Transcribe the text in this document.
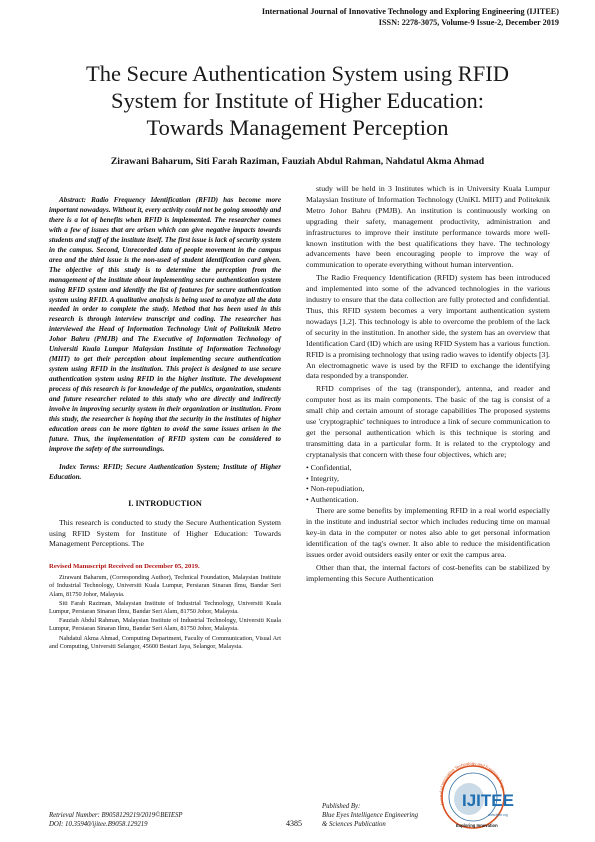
International Journal of Innovative Technology and Exploring Engineering (IJITEE)
ISSN: 2278-3075, Volume-9 Issue-2, December 2019
The Secure Authentication System using RFID
System for Institute of Higher Education:
Towards Management Perception
Zirawani Baharum, Siti Farah Raziman, Fauziah Abdul Rahman, Nahdatul Akma Ahmad

Abstract: Radio Frequency Identification (RFID) has become more important nowadays. Without it, every activity could not be going smoothly and there is a lot of benefits when RFID is implemented. The researcher comes with a few of issues that are arisen which can give negative impacts towards students and staff of the institute itself. The first issue is lack of security system in the campus. Second, Unrecorded data of people movement in the campus area and the third issue is the non-used of student identification card given. The objective of this study is to determine the perception from the management of the institute about implementing secure authentication system using RFID system and identify the list of features for secure authentication system using RFID. A qualitative analysis is being used to analyze all the data needed in order to complete the study. Method that has been used in this research is through interview transcript and coding. The researcher has interviewed the Head of Information Technology Unit of Politeknik Metro Johor Bahru (PMJB) and The Executive of Information Technology of Universiti Kuala Lumpur Malaysian Institute of Information Technology (MIIT) to get their perception about implementing secure authentication system using RFID in the institution. This project is designed to use secure authentication system using RFID in the higher institute. The development process of this research is for knowledge of the publics, organization, students and future researcher related to this study who are directly and indirectly involve in improving security system in their organization or institution. From this study, the researcher is hoping that the security in the institutes of higher education areas can be more tighten to avoid the same issues arisen in the future. Thus, the implementation of RFID system can be considered to improve the safety of the surroundings.

Index Terms: RFID; Secure Authentication System; Institute of Higher Education.

I. INTRODUCTION

This research is conducted to study the Secure Authentication System using RFID System for Institute of Higher Education: Towards Management Perceptions. The

Revised Manuscript Received on December 05, 2019.

Zirawani Baharum, (Corresponding Author), Technical Foundation, Malaysian Institute of Industrial Technology, Universiti Kuala Lumpur, Persiaran Sinaran Ilmu, Bandar Seri Alam, 81750 Johor, Malaysia.

Siti Farah Raziman, Malaysian Institute of Industrial Technology, Universiti Kuala Lumpur, Persiaran Sinaran Ilmu, Bandar Seri Alam, 81750 Johor, Malaysia.

Fauziah Abdul Rahman, Malaysian Institute of Industrial Technology, Universiti Kuala Lumpur, Persiaran Sinaran Ilmu, Bandar Seri Alam, 81750 Johor, Malaysia.

Nahdatul Akma Ahmad, Computing Department, Faculty of Communication, Visual Art and Computing, Universiti Selangor, 45600 Bestari Jaya, Selangor, Malaysia.

study will be held in 3 Institutes which is in University Kuala Lumpur Malaysian Institute of Information Technology (UniKL MIIT) and Politeknik Metro Johor Bahru (PMJB). An institution is continuously working on upgrading their safety, management productivity, administration and infrastructures to improve their institute performance towards more well-known institution with the best qualifications they have. The technology advancements have been encouraging people to improve the way of communication to operate everything without human intervention.

The Radio Frequency Identification (RFID) system has been introduced and implemented into some of the advanced technologies in the various industry to ensure that the data collection are fully protected and confidential. Thus, this RFID system becomes a very important authentication system nowadays [1,2]. This technology is able to overcome the problem of the lack of security in the institution. In another side, the system has an overview that Identification Card (ID) which are using RFID System has a various function. RFID is a promising technology that using radio waves to identify objects [3]. An electromagnetic wave is used by the RFID to exchange the identifying data responded by a transponder.

RFID comprises of the tag (transponder), antenna, and reader and computer host as its main components. The basic of the tag is consist of a small chip and certain amount of storage capabilities The proposed systems use 'cryptographic' techniques to introduce a link of secure communication to get the personal authentication which is this technique is storing and transmitting data in a particular form. It is related to the cryptology and cryptanalysis that concern with these four objectives, which are;

• Confidential,

• Integrity,

• Non-repudiation,

• Authentication.

There are some benefits by implementing RFID in a real world especially in the institute and industrial sector which includes reducing time on manual key-in data in the computer or notes also able to get personal information identification of the tag's owner. It also able to reduce the misidentification issues order avoid outsiders easily enter or exit the campus area.

Other than that, the internal factors of cost-benefits can be stabilized by implementing this Secure Authentication

Retrieval Number: B9058129219/2019©BEIESP
DOI: 10.35940/ijitee.B9058.129219	4385
Published By:
Blue Eyes Intelligence Engineering
& Sciences Publication
Journal of Innovative Technology and Exploring Engin
IJITEE
www.ijitee.org
Exploring Innovation
